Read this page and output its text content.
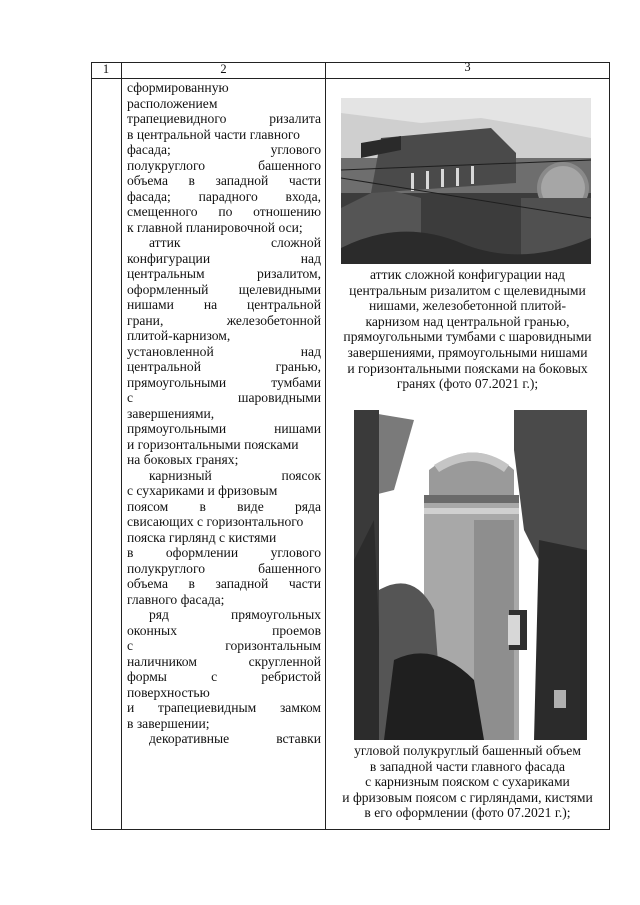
1	2	3
сформированную
расположением
трапециевидного	ризалита
в центральной части главного
фасада;	углового
полукруглого	башенного
объема в западной части
фасада; парадного входа,
смещенного по отношению
к главной планировочной оси;
аттик	сложной
конфигурации	над
центральным	ризалитом,
оформленный щелевидными
нишами на центральной
грани,	железобетонной
плитой-карнизом,
установленной	над
центральной	гранью,
прямоугольными	тумбами
с	шаровидными
завершениями,
прямоугольными	нишами
и горизонтальными поясками
на боковых гранях;
карнизный	поясок
с сухариками и фризовым
поясом в виде ряда
свисающих с горизонтального
пояска гирлянд с кистями
в оформлении углового
полукруглого	башенного
объема в западной части
главного фасада;
ряд	прямоугольных
оконных	проемов
с	горизонтальным
наличником	скругленной
формы	с	ребристой
поверхностью
и трапециевидным замком
в завершении;
декоративные	вставки
аттик сложной конфигурации над
центральным ризалитом с щелевидными
нишами, железобетонной плитой-
карнизом над центральной гранью,
прямоугольными тумбами с шаровидными
завершениями, прямоугольными нишами
и горизонтальными поясками на боковых
гранях (фото 07.2021 г.);
угловой полукруглый башенный объем
в западной части главного фасада
с карнизным пояском с сухариками
и фризовым поясом с гирляндами, кистями
в его оформлении (фото 07.2021 г.);
